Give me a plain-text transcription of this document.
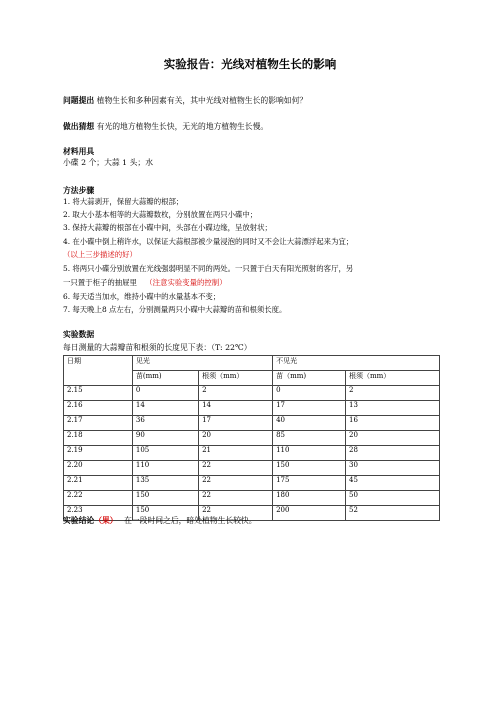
实验报告：光线对植物生长的影响
问题提出 植物生长和多种因素有关，其中光线对植物生长的影响如何？
做出猜想 有光的地方植物生长快，无光的地方植物生长慢。
材料用具
小碟 2 个；大蒜 1 头；水
方法步骤
1. 将大蒜剥开，保留大蒜瓣的根部；
2. 取大小基本相等的大蒜瓣数枚，分别放置在两只小碟中；
3. 保持大蒜瓣的根部在小碟中间，头部在小碟边缘，呈放射状；
4. 在小碟中倒上稍许水，以保证大蒜根部被少量浸泡的同时又不会让大蒜漂浮起来为宜；
（以上三步描述的好）
5. 将两只小碟分别放置在光线强弱明显不同的两处。一只置于白天有阳光照射的客厅，另
一只置于柜子的抽屉里 （注意实验变量的控制）
6. 每天适当加水，维持小碟中的水量基本不变；
7. 每天晚上8 点左右，分别测量两只小碟中大蒜瓣的苗和根须长度。
实验数据
每日测量的大蒜瓣苗和根须的长度见下表：（T: 22℃）
日期	见光		不见光	
	苗(mm)	根须（mm）	苗（mm)	根须（mm）
2.15	0	2	0	2
2.16	14	14	17	13
2.17	36	17	40	16
2.18	90	20	85	20
2.19	105	21	110	28
2.20	110	22	150	30
2.21	135	22	175	45
2.22	150	22	180	50
2.23	150	22	200	52
实验结论（果） 在一段时间之后，暗处植物生长较快。
